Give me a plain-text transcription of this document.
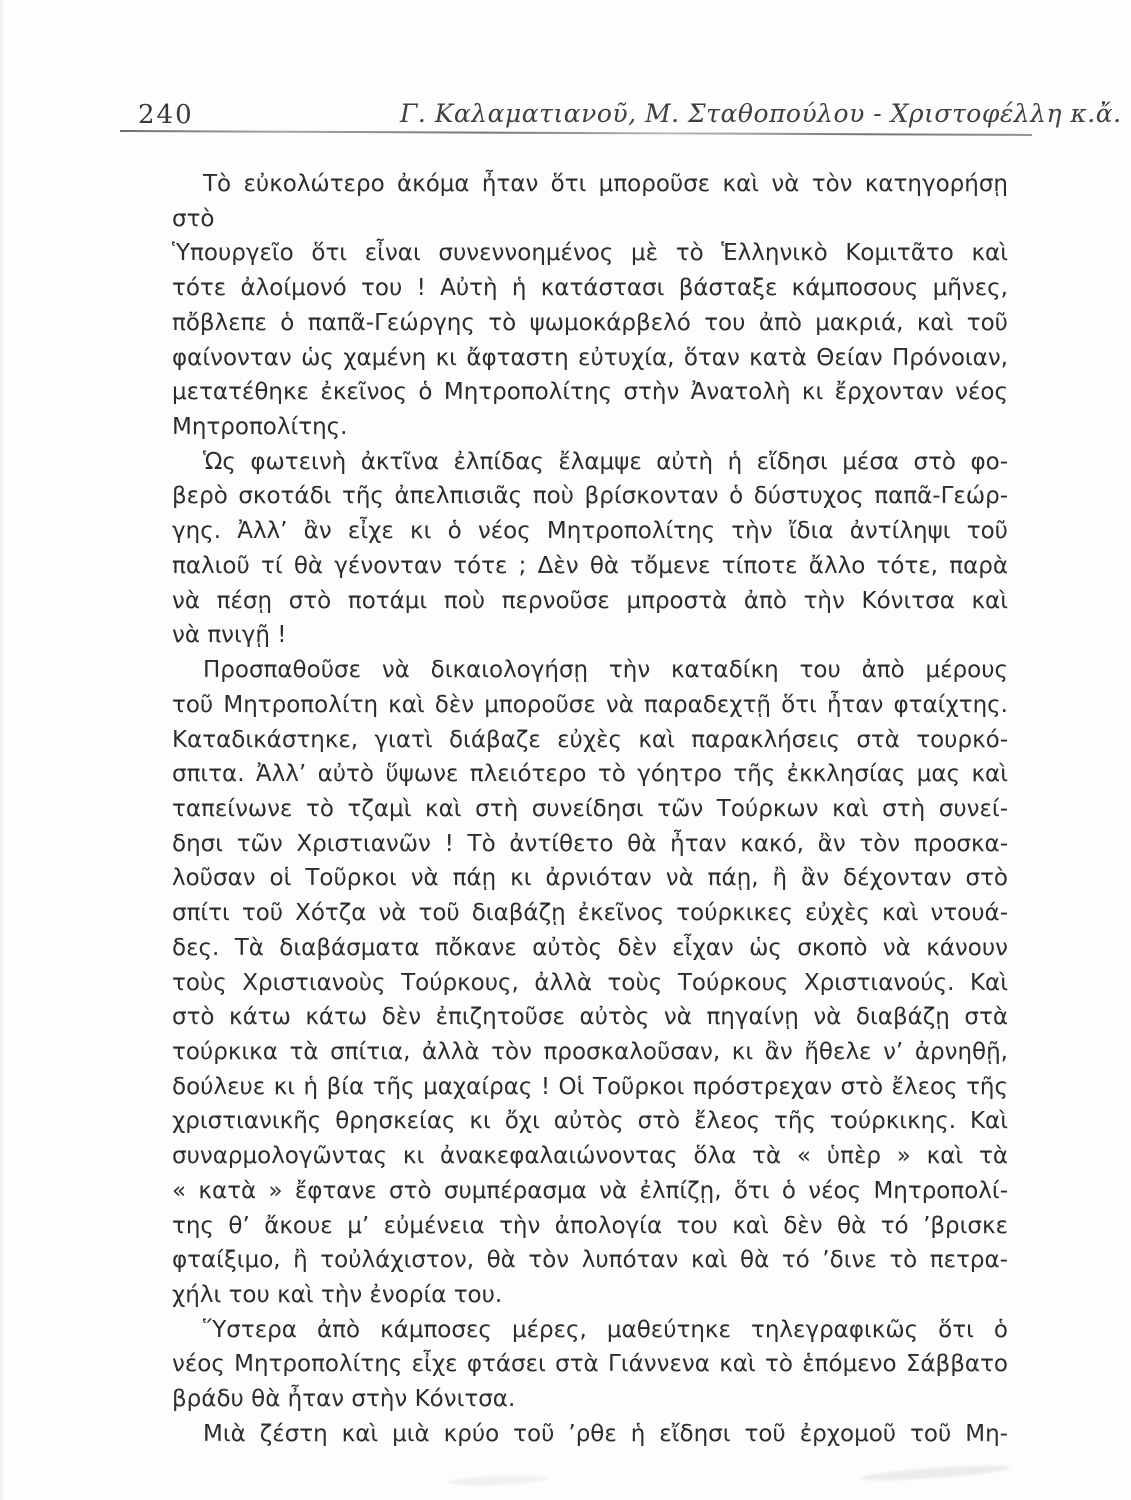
240	Γ. Καλαματιανοῦ, Μ. Σταθοπούλου - Χριστοφέλλη κ.ἄ.
Τὸ εὐκολώτερο ἀκόμα ἦταν ὅτι μποροῦσε καὶ νὰ τὸν κατηγορήσῃ στὸ
Ὑπουργεῖο ὅτι εἶναι συνεννοημένος μὲ τὸ Ἑλληνικὸ Κομιτᾶτο καὶ
τότε ἀλοίμονό του ! Αὐτὴ ἡ κατάστασι βάσταξε κάμποσους μῆνες,
πὄβλεπε ὁ παπᾶ-Γεώργης τὸ ψωμοκάρβελό του ἀπὸ μακριά, καὶ τοῦ
φαίνονταν ὡς χαμένη κι ἄφταστη εὐτυχία, ὅταν κατὰ Θείαν Πρόνοιαν,
μετατέθηκε ἐκεῖνος ὁ Μητροπολίτης στὴν Ἀνατολὴ κι ἔρχονταν νέος
Μητροπολίτης.
Ὡς φωτεινὴ ἀκτῖνα ἐλπίδας ἔλαμψε αὐτὴ ἡ εἴδησι μέσα στὸ φο-
βερὸ σκοτάδι τῆς ἀπελπισιᾶς ποὺ βρίσκονταν ὁ δύστυχος παπᾶ-Γεώρ-
γης. Ἀλλ’ ἂν εἶχε κι ὁ νέος Μητροπολίτης τὴν ἴδια ἀντίληψι τοῦ
παλιοῦ τί θὰ γένονταν τότε ; Δὲν θὰ τὄμενε τίποτε ἄλλο τότε, παρὰ
νὰ πέσῃ στὸ ποτάμι ποὺ περνοῦσε μπροστὰ ἀπὸ τὴν Κόνιτσα καὶ
νὰ πνιγῇ !
Προσπαθοῦσε νὰ δικαιολογήσῃ τὴν καταδίκη του ἀπὸ μέρους
τοῦ Μητροπολίτη καὶ δὲν μποροῦσε νὰ παραδεχτῇ ὅτι ἦταν φταίχτης.
Καταδικάστηκε, γιατὶ διάβαζε εὐχὲς καὶ παρακλήσεις στὰ τουρκό-
σπιτα. Ἀλλ’ αὐτὸ ὕψωνε πλειότερο τὸ γόητρο τῆς ἐκκλησίας μας καὶ
ταπείνωνε τὸ τζαμὶ καὶ στὴ συνείδησι τῶν Τούρκων καὶ στὴ συνεί-
δησι τῶν Χριστιανῶν ! Τὸ ἀντίθετο θὰ ἦταν κακό, ἂν τὸν προσκα-
λοῦσαν οἱ Τοῦρκοι νὰ πάῃ κι ἀρνιόταν νὰ πάῃ, ἢ ἂν δέχονταν στὸ
σπίτι τοῦ Χότζα νὰ τοῦ διαβάζῃ ἐκεῖνος τούρκικες εὐχὲς καὶ ντουά-
δες. Τὰ διαβάσματα πὄκανε αὐτὸς δὲν εἶχαν ὡς σκοπὸ νὰ κάνουν
τοὺς Χριστιανοὺς Τούρκους, ἀλλὰ τοὺς Τούρκους Χριστιανούς. Καὶ
στὸ κάτω κάτω δὲν ἐπιζητοῦσε αὐτὸς νὰ πηγαίνῃ νὰ διαβάζῃ στὰ
τούρκικα τὰ σπίτια, ἀλλὰ τὸν προσκαλοῦσαν, κι ἂν ἤθελε ν’ ἀρνηθῇ,
δούλευε κι ἡ βία τῆς μαχαίρας ! Οἱ Τοῦρκοι πρόστρεχαν στὸ ἔλεος τῆς
χριστιανικῆς θρησκείας κι ὄχι αὐτὸς στὸ ἔλεος τῆς τούρκικης. Καὶ
συναρμολογῶντας κι ἀνακεφαλαιώνοντας ὅλα τὰ « ὑπὲρ » καὶ τὰ
« κατὰ » ἔφτανε στὸ συμπέρασμα νὰ ἐλπίζῃ, ὅτι ὁ νέος Μητροπολί-
της θ’ ἄκουε μ’ εὐμένεια τὴν ἀπολογία του καὶ δὲν θὰ τό ’βρισκε
φταίξιμο, ἢ τοὐλάχιστον, θὰ τὸν λυπόταν καὶ θὰ τό ’δινε τὸ πετρα-
χήλι του καὶ τὴν ἐνορία του.
Ὕστερα ἀπὸ κάμποσες μέρες, μαθεύτηκε τηλεγραφικῶς ὅτι ὁ
νέος Μητροπολίτης εἶχε φτάσει στὰ Γιάννενα καὶ τὸ ἑπόμενο Σάββατο
βράδυ θὰ ἦταν στὴν Κόνιτσα.
Μιὰ ζέστη καὶ μιὰ κρύο τοῦ ’ρθε ἡ εἴδησι τοῦ ἐρχομοῦ τοῦ Μη-
